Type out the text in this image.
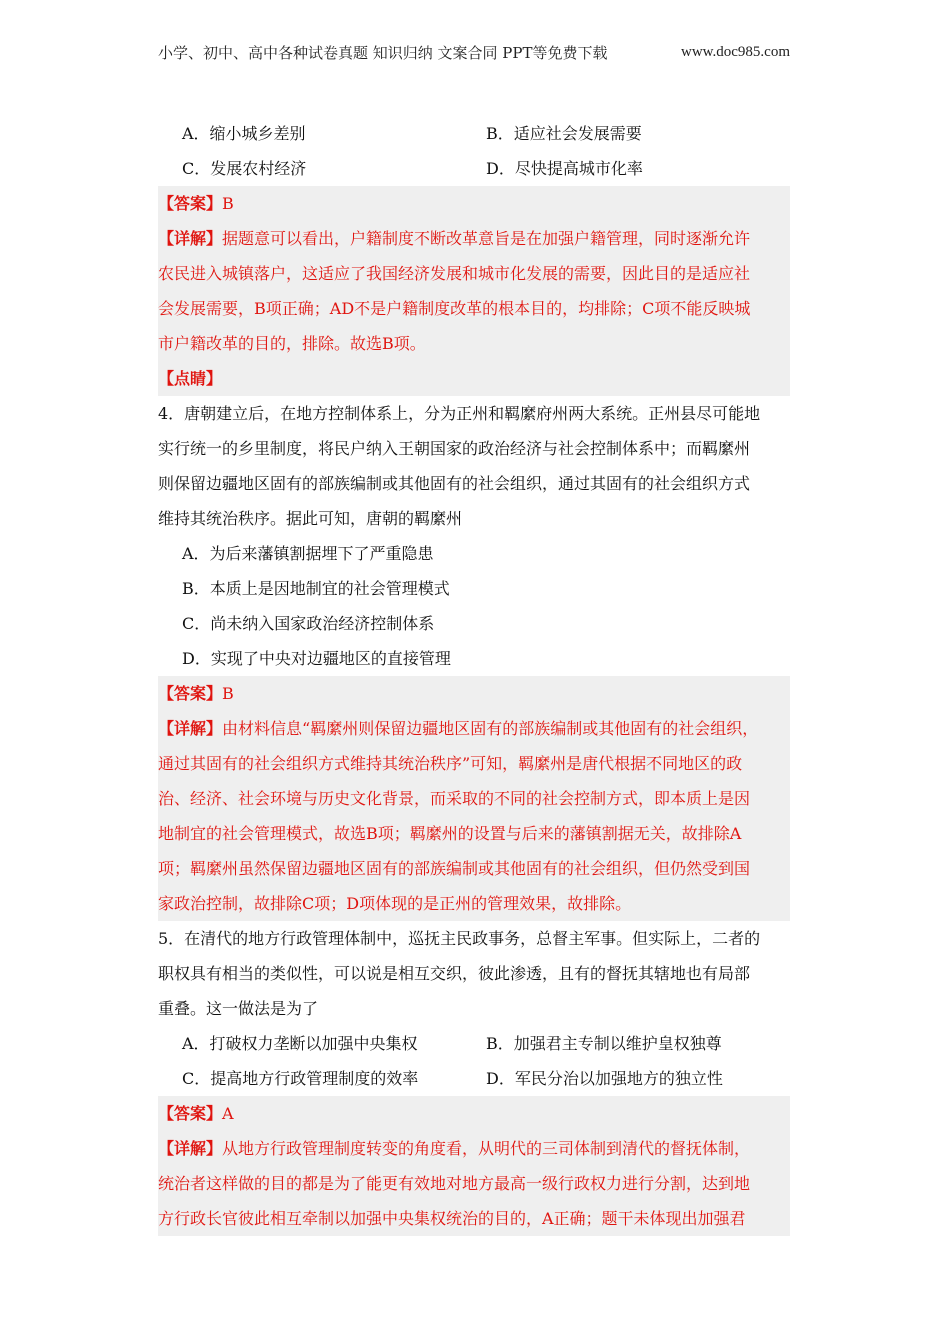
小学、初中、高中各种试卷真题 知识归纳 文案合同 PPT等免费下载	www.doc985.com
A．缩小城乡差别	B．适应社会发展需要
C．发展农村经济	D．尽快提高城市化率
【答案】B
【详解】据题意可以看出，户籍制度不断改革意旨是在加强户籍管理，同时逐渐允许
农民进入城镇落户，这适应了我国经济发展和城市化发展的需要，因此目的是适应社
会发展需要，B项正确；AD不是户籍制度改革的根本目的，均排除；C项不能反映城
市户籍改革的目的，排除。故选B项。
【点睛】
4．唐朝建立后，在地方控制体系上，分为正州和羁縻府州两大系统。正州县尽可能地
实行统一的乡里制度，将民户纳入王朝国家的政治经济与社会控制体系中；而羁縻州
则保留边疆地区固有的部族编制或其他固有的社会组织，通过其固有的社会组织方式
维持其统治秩序。据此可知，唐朝的羁縻州
A．为后来藩镇割据埋下了严重隐患
B．本质上是因地制宜的社会管理模式
C．尚未纳入国家政治经济控制体系
D．实现了中央对边疆地区的直接管理
【答案】B
【详解】由材料信息“羁縻州则保留边疆地区固有的部族编制或其他固有的社会组织，
通过其固有的社会组织方式维持其统治秩序”可知，羁縻州是唐代根据不同地区的政
治、经济、社会环境与历史文化背景，而采取的不同的社会控制方式，即本质上是因
地制宜的社会管理模式，故选B项；羁縻州的设置与后来的藩镇割据无关，故排除A
项；羁縻州虽然保留边疆地区固有的部族编制或其他固有的社会组织，但仍然受到国
家政治控制，故排除C项；D项体现的是正州的管理效果，故排除。
5．在清代的地方行政管理体制中，巡抚主民政事务，总督主军事。但实际上，二者的
职权具有相当的类似性，可以说是相互交织，彼此渗透，且有的督抚其辖地也有局部
重叠。这一做法是为了
A．打破权力垄断以加强中央集权	B．加强君主专制以维护皇权独尊
C．提高地方行政管理制度的效率	D．军民分治以加强地方的独立性
【答案】A
【详解】从地方行政管理制度转变的角度看，从明代的三司体制到清代的督抚体制，
统治者这样做的目的都是为了能更有效地对地方最高一级行政权力进行分割，达到地
方行政长官彼此相互牵制以加强中央集权统治的目的，A正确；题干未体现出加强君
